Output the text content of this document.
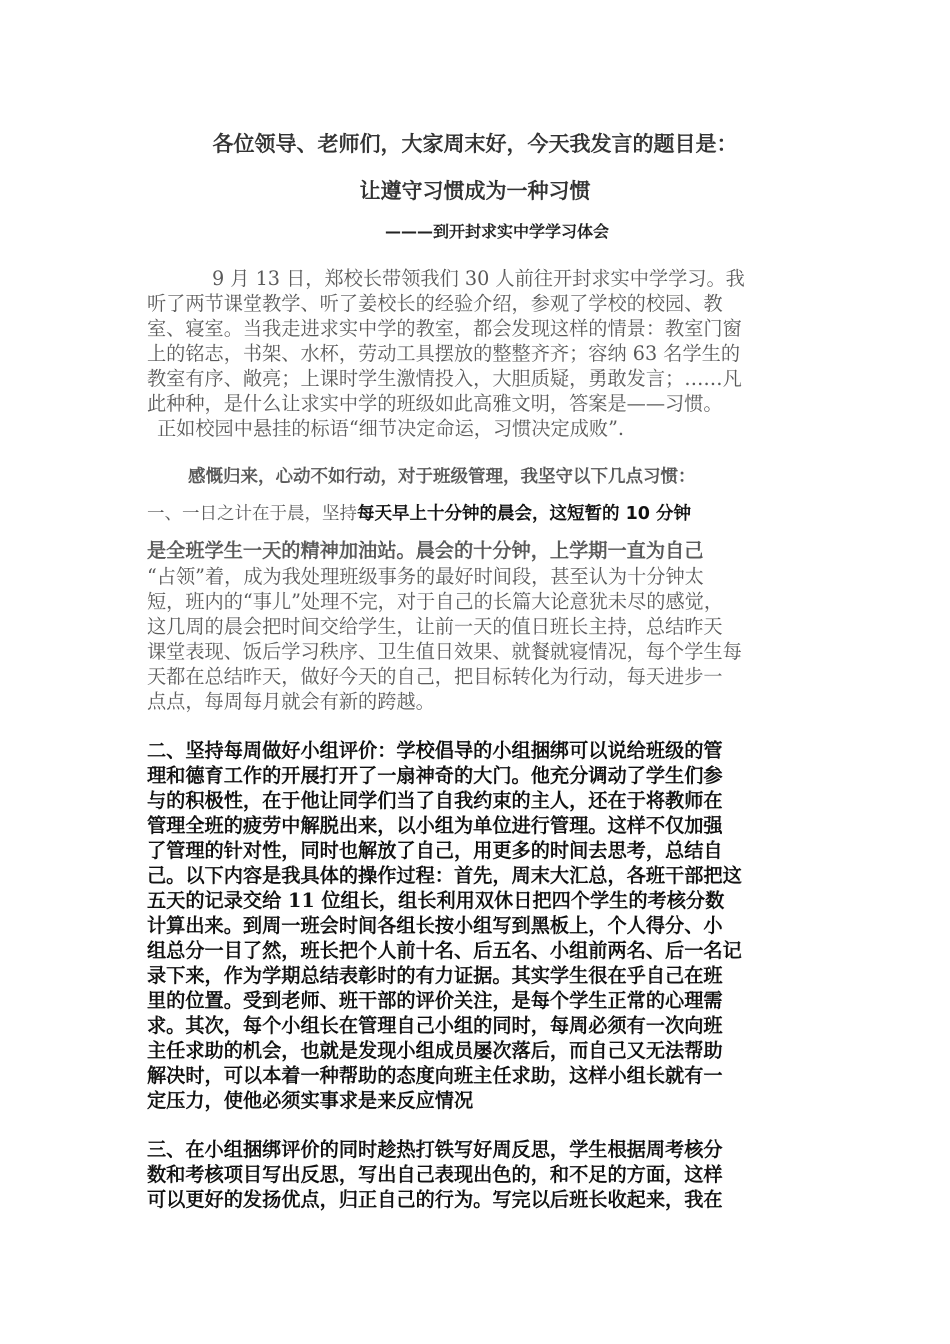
各位领导、老师们，大家周末好，今天我发言的题目是：
让遵守习惯成为一种习惯
———到开封求实中学学习体会

9 月 13 日，郑校长带领我们 30 人前往开封求实中学学习。我

听了两节课堂教学、听了姜校长的经验介绍，参观了学校的校园、教

室、寝室。当我走进求实中学的教室，都会发现这样的情景：教室门窗

上的铭志，书架、水杯，劳动工具摆放的整整齐齐；容纳 63 名学生的

教室有序、敞亮；上课时学生激情投入，大胆质疑，勇敢发言；……凡

此种种，是什么让求实中学的班级如此高雅文明，答案是——习惯。

正如校园中悬挂的标语“细节决定命运，习惯决定成败”.

感慨归来，心动不如行动，对于班级管理，我坚守以下几点习惯：

一、一日之计在于晨，坚持每天早上十分钟的晨会，这短暂的 10 分钟

是全班学生一天的精神加油站。晨会的十分钟，上学期一直为自己

“占领”着，成为我处理班级事务的最好时间段，甚至认为十分钟太

短，班内的“事儿”处理不完，对于自己的长篇大论意犹未尽的感觉，

这几周的晨会把时间交给学生，让前一天的值日班长主持，总结昨天

课堂表现、饭后学习秩序、卫生值日效果、就餐就寝情况，每个学生每

天都在总结昨天，做好今天的自己，把目标转化为行动，每天进步一

点点，每周每月就会有新的跨越。

二、坚持每周做好小组评价：学校倡导的小组捆绑可以说给班级的管

理和德育工作的开展打开了一扇神奇的大门。他充分调动了学生们参

与的积极性，在于他让同学们当了自我约束的主人，还在于将教师在

管理全班的疲劳中解脱出来，以小组为单位进行管理。这样不仅加强

了管理的针对性，同时也解放了自己，用更多的时间去思考，总结自

己。以下内容是我具体的操作过程：首先，周末大汇总，各班干部把这

五天的记录交给 11 位组长，组长利用双休日把四个学生的考核分数

计算出来。到周一班会时间各组长按小组写到黑板上，个人得分、小

组总分一目了然，班长把个人前十名、后五名、小组前两名、后一名记

录下来，作为学期总结表彰时的有力证据。其实学生很在乎自己在班

里的位置。受到老师、班干部的评价关注，是每个学生正常的心理需

求。其次，每个小组长在管理自己小组的同时，每周必须有一次向班

主任求助的机会，也就是发现小组成员屡次落后，而自己又无法帮助

解决时，可以本着一种帮助的态度向班主任求助，这样小组长就有一

定压力，使他必须实事求是来反应情况

三、在小组捆绑评价的同时趁热打铁写好周反思，学生根据周考核分

数和考核项目写出反思，写出自己表现出色的，和不足的方面，这样

可以更好的发扬优点，归正自己的行为。写完以后班长收起来，我在
